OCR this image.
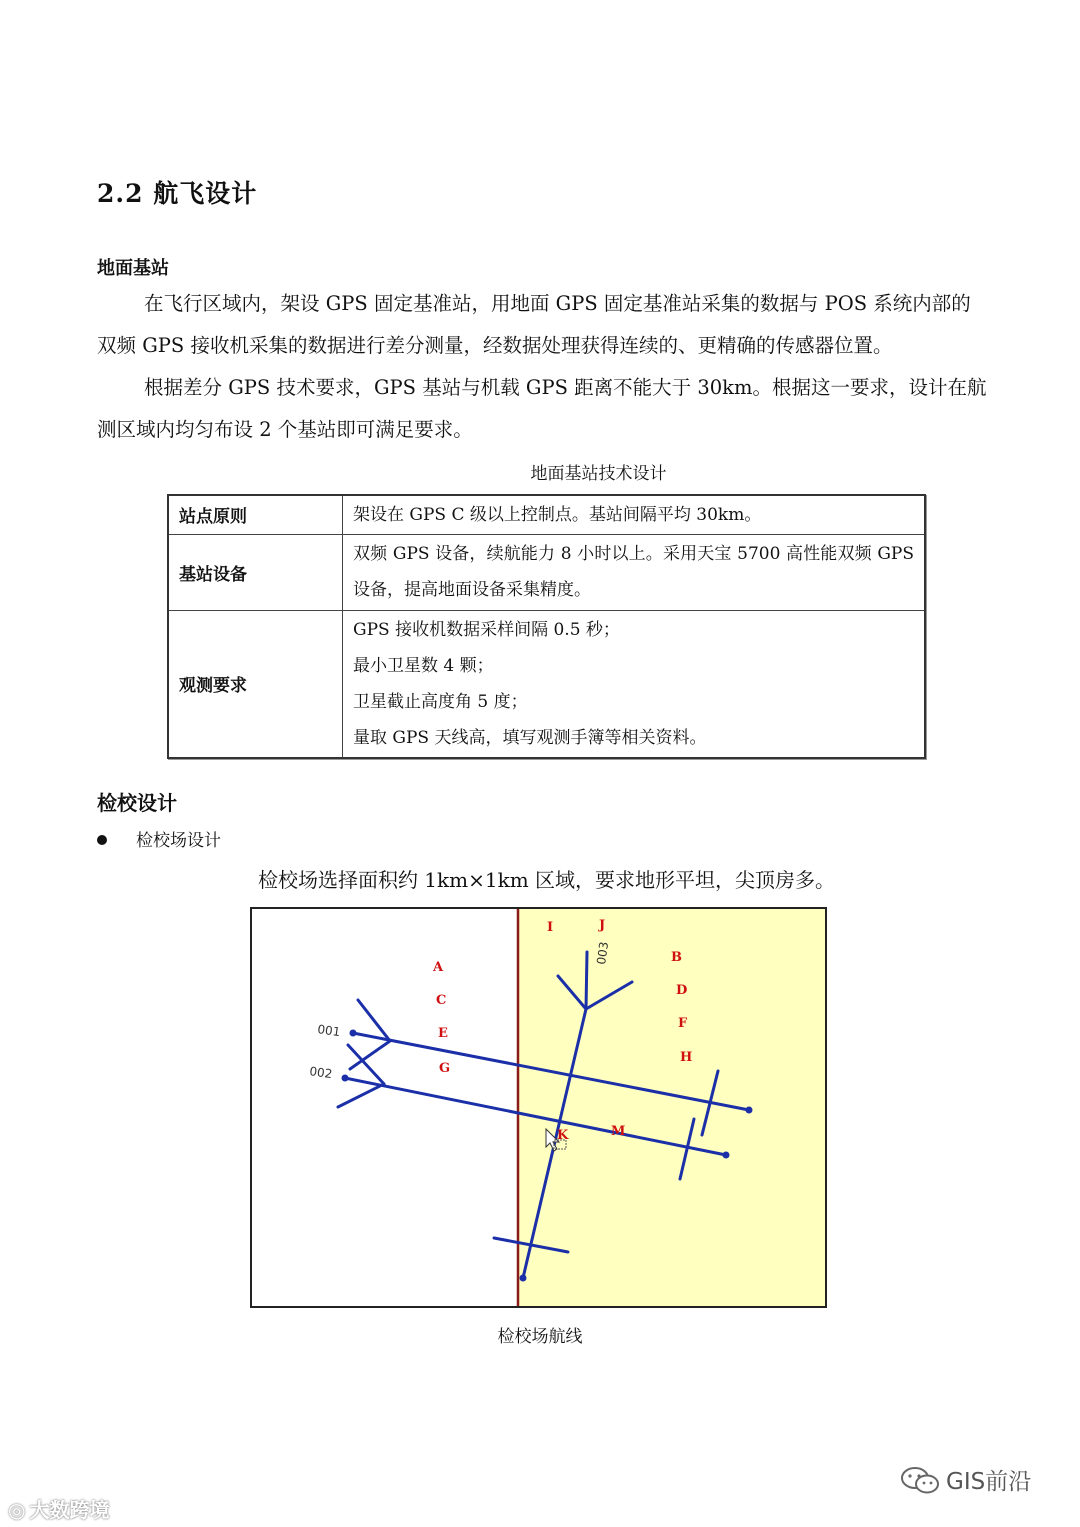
2.2 航飞设计
地面基站
在飞行区域内，架设 GPS 固定基准站，用地面 GPS 固定基准站采集的数据与 POS 系统内部的双频 GPS 接收机采集的数据进行差分测量，经数据处理获得连续的、更精确的传感器位置。
根据差分 GPS 技术要求，GPS 基站与机载 GPS 距离不能大于 30km。根据这一要求，设计在航测区域内均匀布设 2 个基站即可满足要求。
地面基站技术设计
站点原则	架设在 GPS C 级以上控制点。基站间隔平均 30km。

基站设备	双频 GPS 设备，续航能力 8 小时以上。采用天宝 5700 高性能双频 GPS 设备，提高地面设备采集精度。

观测要求	GPS 接收机数据采样间隔 0.5 秒；
最小卫星数 4 颗；
卫星截止高度角 5 度；
量取 GPS 天线高，填写观测手簿等相关资料。
检校设计
检校场设计
检校场选择面积约 1km×1km 区域，要求地形平坦，尖顶房多。
001
002
003
A
C
E
G
B
D
F
H
I	J
K	M
检校场航线
◎ 大数跨境
GIS前沿
